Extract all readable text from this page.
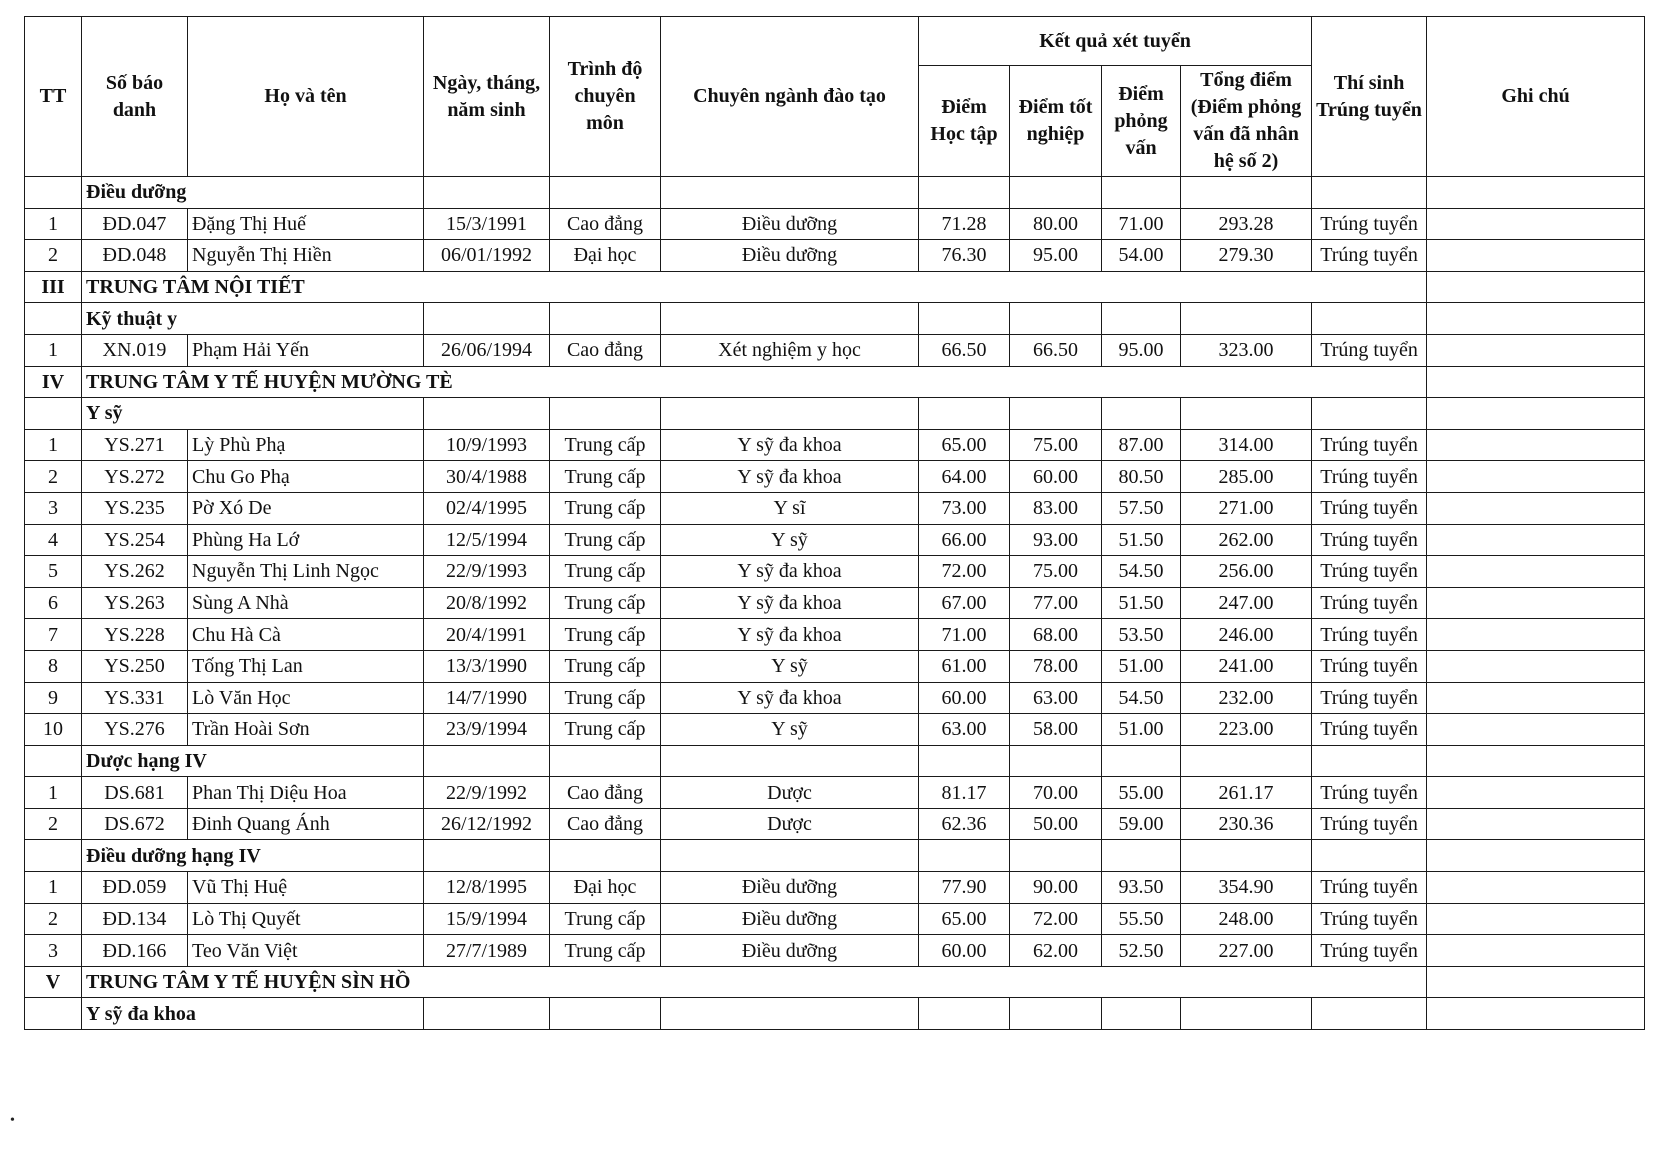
TT	Số báo danh	Họ và tên	Ngày, tháng, năm sinh	Trình độ chuyên môn	Chuyên ngành đào tạo	Kết quả xét tuyển				Thí sinh Trúng tuyển	Ghi chú
						Điểm Học tập	Điểm tốt nghiệp	Điểm phỏng vấn	Tổng điểm (Điểm phỏng vấn đã nhân hệ số 2)		
	Điều dưỡng										
1	ĐD.047	Đặng Thị Huế	15/3/1991	Cao đẳng	Điều dưỡng	71.28	80.00	71.00	293.28	Trúng tuyển	
2	ĐD.048	Nguyễn Thị Hiền	06/01/1992	Đại học	Điều dưỡng	76.30	95.00	54.00	279.30	Trúng tuyển	
III	TRUNG TÂM NỘI TIẾT										
	Kỹ thuật y										
1	XN.019	Phạm Hải Yến	26/06/1994	Cao đẳng	Xét nghiệm y học	66.50	66.50	95.00	323.00	Trúng tuyển	
IV	TRUNG TÂM Y TẾ HUYỆN MƯỜNG TÈ										
	Y sỹ										
1	YS.271	Lỳ Phù Phạ	10/9/1993	Trung cấp	Y sỹ đa khoa	65.00	75.00	87.00	314.00	Trúng tuyển	
2	YS.272	Chu Go Phạ	30/4/1988	Trung cấp	Y sỹ đa khoa	64.00	60.00	80.50	285.00	Trúng tuyển	
3	YS.235	Pờ Xó De	02/4/1995	Trung cấp	Y sĩ	73.00	83.00	57.50	271.00	Trúng tuyển	
4	YS.254	Phùng Ha Lớ	12/5/1994	Trung cấp	Y sỹ	66.00	93.00	51.50	262.00	Trúng tuyển	
5	YS.262	Nguyễn Thị Linh Ngọc	22/9/1993	Trung cấp	Y sỹ đa khoa	72.00	75.00	54.50	256.00	Trúng tuyển	
6	YS.263	Sùng A Nhà	20/8/1992	Trung cấp	Y sỹ đa khoa	67.00	77.00	51.50	247.00	Trúng tuyển	
7	YS.228	Chu Hà Cà	20/4/1991	Trung cấp	Y sỹ đa khoa	71.00	68.00	53.50	246.00	Trúng tuyển	
8	YS.250	Tống Thị Lan	13/3/1990	Trung cấp	Y sỹ	61.00	78.00	51.00	241.00	Trúng tuyển	
9	YS.331	Lò Văn Học	14/7/1990	Trung cấp	Y sỹ đa khoa	60.00	63.00	54.50	232.00	Trúng tuyển	
10	YS.276	Trần Hoài Sơn	23/9/1994	Trung cấp	Y sỹ	63.00	58.00	51.00	223.00	Trúng tuyển	
	Dược hạng IV										
1	DS.681	Phan Thị Diệu Hoa	22/9/1992	Cao đẳng	Dược	81.17	70.00	55.00	261.17	Trúng tuyển	
2	DS.672	Đinh Quang Ánh	26/12/1992	Cao đẳng	Dược	62.36	50.00	59.00	230.36	Trúng tuyển	
	Điều dưỡng hạng IV										
1	ĐD.059	Vũ Thị Huệ	12/8/1995	Đại học	Điều dưỡng	77.90	90.00	93.50	354.90	Trúng tuyển	
2	ĐD.134	Lò Thị Quyết	15/9/1994	Trung cấp	Điều dưỡng	65.00	72.00	55.50	248.00	Trúng tuyển	
3	ĐD.166	Teo Văn Việt	27/7/1989	Trung cấp	Điều dưỡng	60.00	62.00	52.50	227.00	Trúng tuyển	
V	TRUNG TÂM Y TẾ HUYỆN SÌN HỒ										
	Y sỹ đa khoa										
•
